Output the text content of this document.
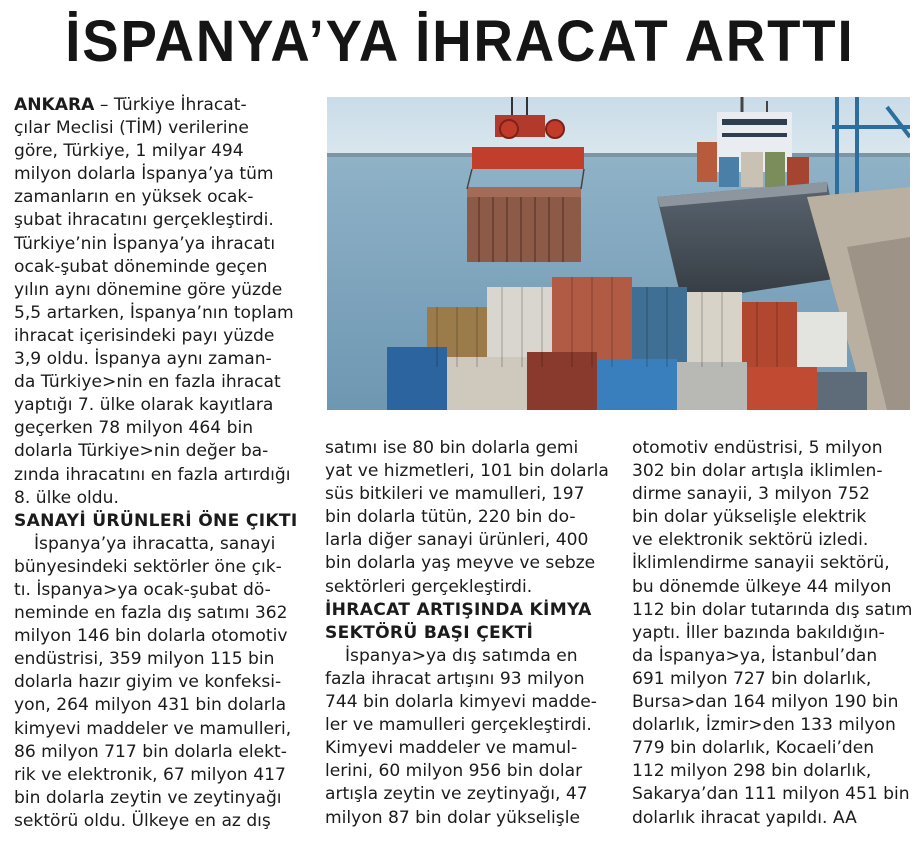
İSPANYA’YA İHRACAT ARTTI
ANKARA – Türkiye İhracat-
çılar Meclisi (TİM) verilerine
göre, Türkiye, 1 milyar 494
milyon dolarla İspanya’ya tüm
zamanların en yüksek ocak-
şubat ihracatını gerçekleştirdi.
Türkiye’nin İspanya’ya ihracatı
ocak-şubat döneminde geçen
yılın aynı dönemine göre yüzde
5,5 artarken, İspanya’nın toplam
ihracat içerisindeki payı yüzde
3,9 oldu. İspanya aynı zaman-
da Türkiye>nin en fazla ihracat
yaptığı 7. ülke olarak kayıtlara
geçerken 78 milyon 464 bin
dolarla Türkiye>nin değer ba-
zında ihracatını en fazla artırdığı
8. ülke oldu.
SANAYİ ÜRÜNLERİ ÖNE ÇIKTI
İspanya’ya ihracatta, sanayi
bünyesindeki sektörler öne çık-
tı. İspanya>ya ocak-şubat dö-
neminde en fazla dış satımı 362
milyon 146 bin dolarla otomotiv
endüstrisi, 359 milyon 115 bin
dolarla hazır giyim ve konfeksi-
yon, 264 milyon 431 bin dolarla
kimyevi maddeler ve mamulleri,
86 milyon 717 bin dolarla elekt-
rik ve elektronik, 67 milyon 417
bin dolarla zeytin ve zeytinyağı
sektörü oldu. Ülkeye en az dış
satımı ise 80 bin dolarla gemi
yat ve hizmetleri, 101 bin dolarla
süs bitkileri ve mamulleri, 197
bin dolarla tütün, 220 bin do-
larla diğer sanayi ürünleri, 400
bin dolarla yaş meyve ve sebze
sektörleri gerçekleştirdi.
İHRACAT ARTIŞINDA KİMYA
SEKTÖRÜ BAŞI ÇEKTİ
İspanya>ya dış satımda en
fazla ihracat artışını 93 milyon
744 bin dolarla kimyevi madde-
ler ve mamulleri gerçekleştirdi.
Kimyevi maddeler ve mamul-
lerini, 60 milyon 956 bin dolar
artışla zeytin ve zeytinyağı, 47
milyon 87 bin dolar yükselişle
otomotiv endüstrisi, 5 milyon
302 bin dolar artışla iklimlen-
dirme sanayii, 3 milyon 752
bin dolar yükselişle elektrik
ve elektronik sektörü izledi.
İklimlendirme sanayii sektörü,
bu dönemde ülkeye 44 milyon
112 bin dolar tutarında dış satım
yaptı. İller bazında bakıldığın-
da İspanya>ya, İstanbul’dan
691 milyon 727 bin dolarlık,
Bursa>dan 164 milyon 190 bin
dolarlık, İzmir>den 133 milyon
779 bin dolarlık, Kocaeli’den
112 milyon 298 bin dolarlık,
Sakarya’dan 111 milyon 451 bin
dolarlık ihracat yapıldı. AA
